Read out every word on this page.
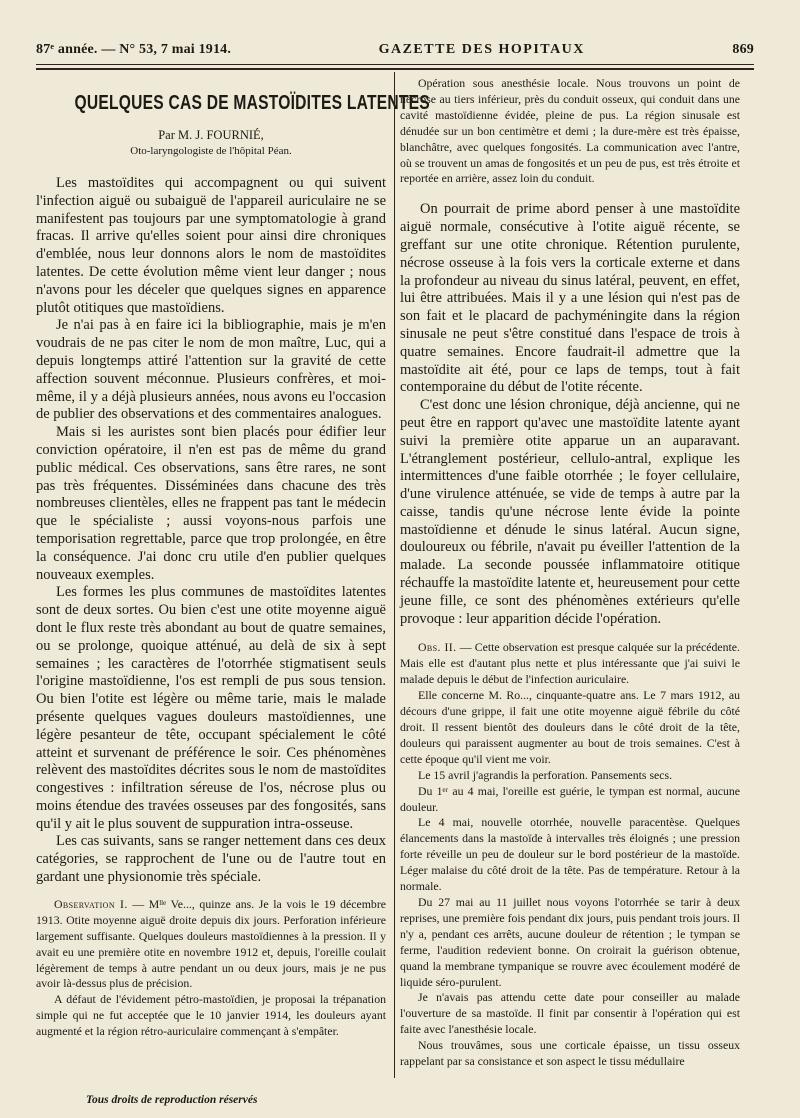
87ᵉ année. — N° 53, 7 mai 1914.	GAZETTE DES HOPITAUX	869
QUELQUES CAS DE MASTOÏDITES LATENTES

Par M. J. FOURNIÉ,

Oto-laryngologiste de l'hôpital Péan.

Les mastoïdites qui accompagnent ou qui suivent l'infection aiguë ou subaiguë de l'appareil auriculaire ne se manifestent pas toujours par une symptomatologie à grand fracas. Il arrive qu'elles soient pour ainsi dire chroniques d'emblée, nous leur donnons alors le nom de mastoïdites latentes. De cette évolution même vient leur danger ; nous n'avons pour les déceler que quelques signes en apparence plutôt otitiques que mastoïdiens.

Je n'ai pas à en faire ici la bibliographie, mais je m'en voudrais de ne pas citer le nom de mon maître, Luc, qui a depuis longtemps attiré l'attention sur la gravité de cette affection souvent méconnue. Plusieurs confrères, et moi-même, il y a déjà plusieurs années, nous avons eu l'occasion de publier des observations et des commentaires analogues.

Mais si les auristes sont bien placés pour édifier leur conviction opératoire, il n'en est pas de même du grand public médical. Ces observations, sans être rares, ne sont pas très fréquentes. Disséminées dans chacune des très nombreuses clientèles, elles ne frappent pas tant le médecin que le spécialiste ; aussi voyons-nous parfois une temporisation regrettable, parce que trop prolongée, en être la conséquence. J'ai donc cru utile d'en publier quelques nouveaux exemples.

Les formes les plus communes de mastoïdites latentes sont de deux sortes. Ou bien c'est une otite moyenne aiguë dont le flux reste très abondant au bout de quatre semaines, ou se prolonge, quoique atténué, au delà de six à sept semaines ; les caractères de l'otorrhée stigmatisent seuls l'origine mastoïdienne, l'os est rempli de pus sous tension. Ou bien l'otite est légère ou même tarie, mais le malade présente quelques vagues douleurs mastoïdiennes, une légère pesanteur de tête, occupant spécialement le côté atteint et survenant de préférence le soir. Ces phénomènes relèvent des mastoïdites décrites sous le nom de mastoïdites congestives : infiltration séreuse de l'os, nécrose plus ou moins étendue des travées osseuses par des fongosités, sans qu'il y ait le plus souvent de suppuration intra-osseuse.

Les cas suivants, sans se ranger nettement dans ces deux catégories, se rapprochent de l'une ou de l'autre tout en gardant une physionomie très spéciale.

Observation I. — Mˡˡᵉ Ve..., quinze ans. Je la vois le 19 décembre 1913. Otite moyenne aiguë droite depuis dix jours. Perforation inférieure largement suffisante. Quelques douleurs mastoïdiennes à la pression. Il y avait eu une première otite en novembre 1912 et, depuis, l'oreille coulait légèrement de temps à autre pendant un ou deux jours, mais je ne pus avoir là-dessus plus de précision.

A défaut de l'évidement pétro-mastoïdien, je proposai la trépanation simple qui ne fut acceptée que le 10 janvier 1914, les douleurs ayant augmenté et la région rétro-auriculaire commençant à s'empâter.

Opération sous anesthésie locale. Nous trouvons un point de nécrose au tiers inférieur, près du conduit osseux, qui conduit dans une cavité mastoïdienne évidée, pleine de pus. La région sinusale est dénudée sur un bon centimètre et demi ; la dure-mère est très épaisse, blanchâtre, avec quelques fongosités. La communication avec l'antre, où se trouvent un amas de fongosités et un peu de pus, est très étroite et reportée en arrière, assez loin du conduit.

On pourrait de prime abord penser à une mastoïdite aiguë normale, consécutive à l'otite aiguë récente, se greffant sur une otite chronique. Rétention purulente, nécrose osseuse à la fois vers la corticale externe et dans la profondeur au niveau du sinus latéral, peuvent, en effet, lui être attribuées. Mais il y a une lésion qui n'est pas de son fait et le placard de pachyméningite dans la région sinusale ne peut s'être constitué dans l'espace de trois à quatre semaines. Encore faudrait-il admettre que la mastoïdite ait été, pour ce laps de temps, tout à fait contemporaine du début de l'otite récente.

C'est donc une lésion chronique, déjà ancienne, qui ne peut être en rapport qu'avec une mastoïdite latente ayant suivi la première otite apparue un an auparavant. L'étranglement postérieur, cellulo-antral, explique les intermittences d'une faible otorrhée ; le foyer cellulaire, d'une virulence atténuée, se vide de temps à autre par la caisse, tandis qu'une nécrose lente évide la pointe mastoïdienne et dénude le sinus latéral. Aucun signe, douloureux ou fébrile, n'avait pu éveiller l'attention de la malade. La seconde poussée inflammatoire otitique réchauffe la mastoïdite latente et, heureusement pour cette jeune fille, ce sont des phénomènes extérieurs qu'elle provoque : leur apparition décide l'opération.

Obs. II. — Cette observation est presque calquée sur la précédente. Mais elle est d'autant plus nette et plus intéressante que j'ai suivi le malade depuis le début de l'infection auriculaire.

Elle concerne M. Ro..., cinquante-quatre ans. Le 7 mars 1912, au décours d'une grippe, il fait une otite moyenne aiguë fébrile du côté droit. Il ressent bientôt des douleurs dans le côté droit de la tête, douleurs qui paraissent augmenter au bout de trois semaines. C'est à cette époque qu'il vient me voir.

Le 15 avril j'agrandis la perforation. Pansements secs.

Du 1ᵉʳ au 4 mai, l'oreille est guérie, le tympan est normal, aucune douleur.

Le 4 mai, nouvelle otorrhée, nouvelle paracentèse. Quelques élancements dans la mastoïde à intervalles très éloignés ; une pression forte réveille un peu de douleur sur le bord postérieur de la mastoïde. Léger malaise du côté droit de la tête. Pas de température. Retour à la normale.

Du 27 mai au 11 juillet nous voyons l'otorrhée se tarir à deux reprises, une première fois pendant dix jours, puis pendant trois jours. Il n'y a, pendant ces arrêts, aucune douleur de rétention ; le tympan se ferme, l'audition redevient bonne. On croirait la guérison obtenue, quand la membrane tympanique se rouvre avec écoulement modéré de liquide séro-purulent.

Je n'avais pas attendu cette date pour conseiller au malade l'ouverture de sa mastoïde. Il finit par consentir à l'opération qui est faite avec l'anesthésie locale.

Nous trouvâmes, sous une corticale épaisse, un tissu osseux rappelant par sa consistance et son aspect le tissu médullaire

Tous droits de reproduction réservés
